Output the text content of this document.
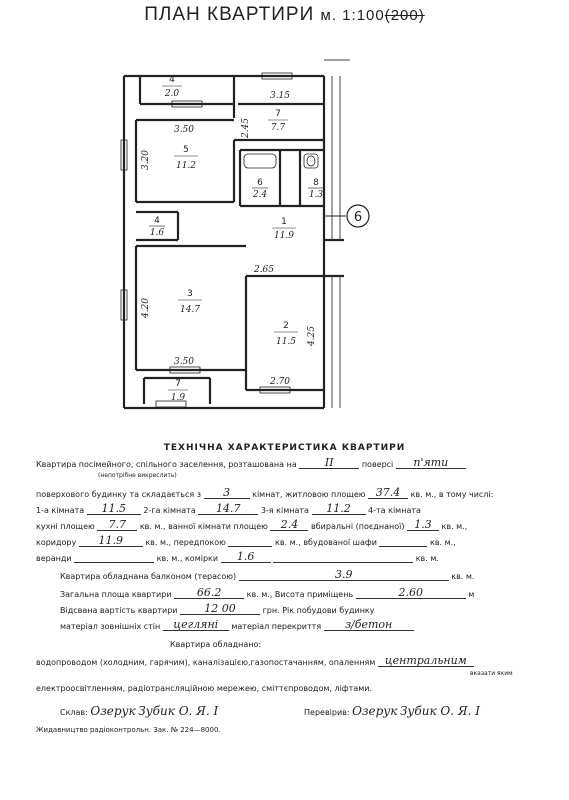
ПЛАН КВАРТИРИ м. 1:100(200)
6
4
2.0
7
7.7
5
11.2
6
2.4
8
1.3
4
1.6
1
11.9
3
14.7
2
11.5
7
1.9
3.15
2.45
3.50
3.20
2.65
4.20
4.25
3.50
2.70
ТЕХНІЧНА ХАРАКТЕРИСТИКА КВАРТИРИ
Квартира посімейного, спільного заселення, розташована на	II	поверсі п'яти
(непотрібне викреслить)
поверхового будинку та складається з 3	кімнат, житловою площею 37.4 кв. м., в тому числі:
1-а кімната 11.5 2-га кімната 14.7	3-я кімната 11.2 4-та кімната
кухні площею 7.7 кв. м., ванної кімнати площею 2.4 вбиральні (поєднаної) 1.3 кв. м.,
коридору 11.9	кв. м., передпокою	кв. м., вбудованої шафи	кв. м.,
веранди	кв. м., комірки 1.6	кв. м.
Квартира обладнана балконом (терасою)	3.9	кв. м.
Загальна площа квартири 66.2	кв. м., Висота приміщень	2.60	м
Відсвана вартість квартири 12 00	грн. Рік побудови будинку
матеріал зовнішніх стін цегляні матеріал перекриття з/бетон
Квартира обладнано:
водопроводом (холодним, гарячим), каналізацією,газопостачанням, опаленням центральним
вказати яким
електроосвітленням, радіотрансляційною мережею, сміттєпроводом, ліфтами.
Склав: Озерук Зубик О. Я. І	Перевірив: Озерук Зубик О. Я. І
Жидавництво радіоконтрольн. Зак. № 224—8000.
